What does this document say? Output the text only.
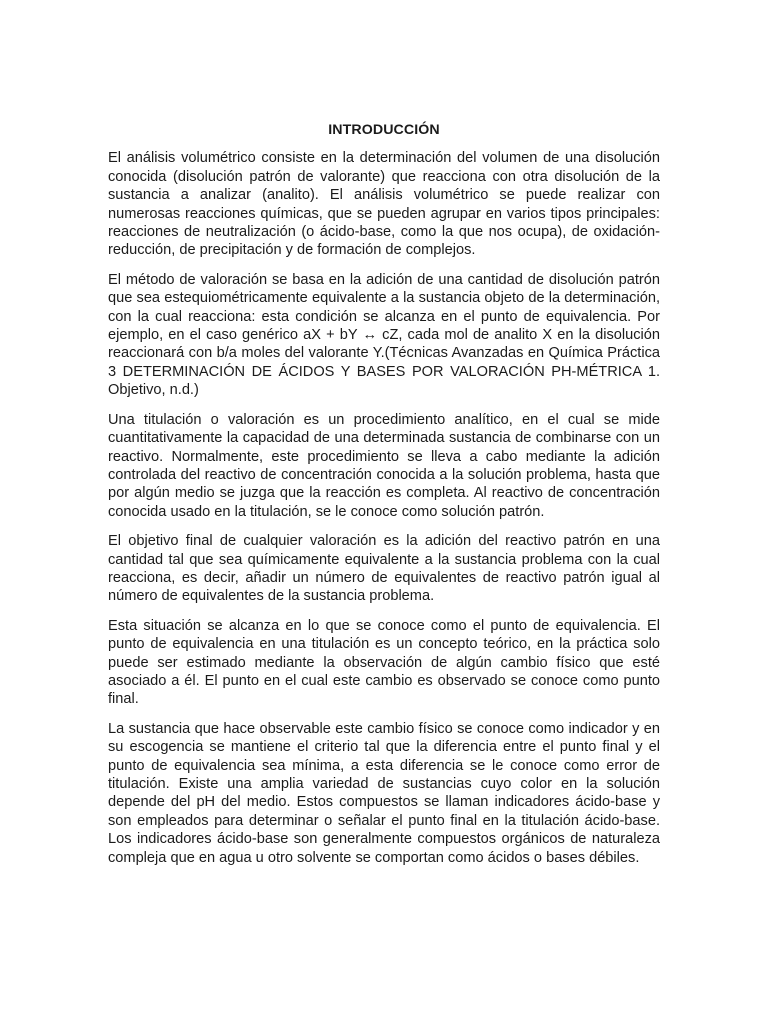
INTRODUCCIÓN

El análisis volumétrico consiste en la determinación del volumen de una disolución conocida (disolución patrón de valorante) que reacciona con otra disolución de la sustancia a analizar (analito). El análisis volumétrico se puede realizar con numerosas reacciones químicas, que se pueden agrupar en varios tipos principales: reacciones de neutralización (o ácido-base, como la que nos ocupa), de oxidación-reducción, de precipitación y de formación de complejos.

El método de valoración se basa en la adición de una cantidad de disolución patrón que sea estequiométricamente equivalente a la sustancia objeto de la determinación, con la cual reacciona: esta condición se alcanza en el punto de equivalencia. Por ejemplo, en el caso genérico aX + bY ↔ cZ, cada mol de analito X en la disolución reaccionará con b/a moles del valorante Y.(Técnicas Avanzadas en Química Práctica 3 DETERMINACIÓN DE ÁCIDOS Y BASES POR VALORACIÓN PH-MÉTRICA 1. Objetivo, n.d.)

Una titulación o valoración es un procedimiento analítico, en el cual se mide cuantitativamente la capacidad de una determinada sustancia de combinarse con un reactivo. Normalmente, este procedimiento se lleva a cabo mediante la adición controlada del reactivo de concentración conocida a la solución problema, hasta que por algún medio se juzga que la reacción es completa. Al reactivo de concentración conocida usado en la titulación, se le conoce como solución patrón.

El objetivo final de cualquier valoración es la adición del reactivo patrón en una cantidad tal que sea químicamente equivalente a la sustancia problema con la cual reacciona, es decir, añadir un número de equivalentes de reactivo patrón igual al número de equivalentes de la sustancia problema.

Esta situación se alcanza en lo que se conoce como el punto de equivalencia. El punto de equivalencia en una titulación es un concepto teórico, en la práctica solo puede ser estimado mediante la observación de algún cambio físico que esté asociado a él. El punto en el cual este cambio es observado se conoce como punto final.

La sustancia que hace observable este cambio físico se conoce como indicador y en su escogencia se mantiene el criterio tal que la diferencia entre el punto final y el punto de equivalencia sea mínima, a esta diferencia se le conoce como error de titulación. Existe una amplia variedad de sustancias cuyo color en la solución depende del pH del medio. Estos compuestos se llaman indicadores ácido-base y son empleados para determinar o señalar el punto final en la titulación ácido-base. Los indicadores ácido-base son generalmente compuestos orgánicos de naturaleza compleja que en agua u otro solvente se comportan como ácidos o bases débiles.
